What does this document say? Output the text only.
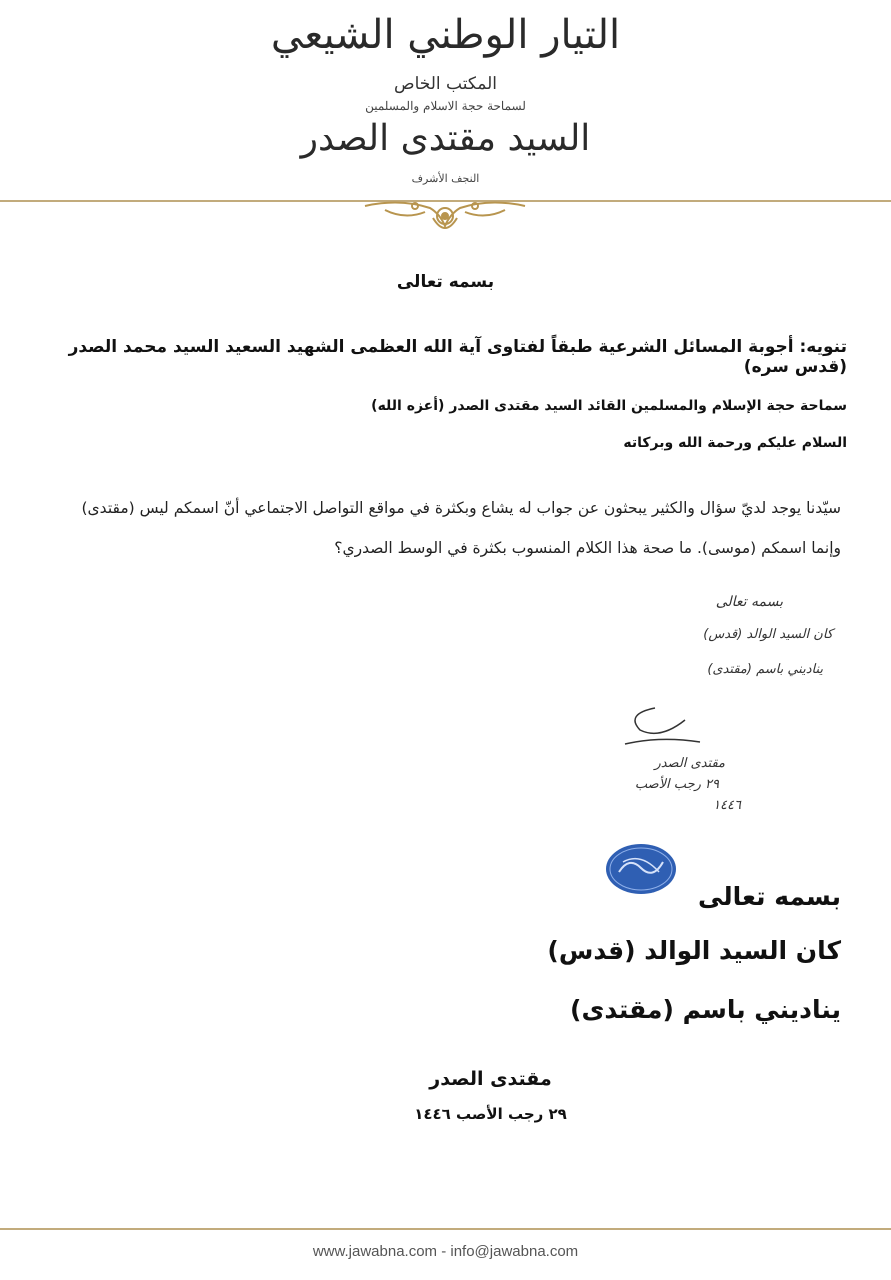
التيار الوطني الشيعي
المكتب الخاص
لسماحة حجة الاسلام والمسلمين
السيد مقتدى الصدر
النجف الأشرف
بسمه تعالى
تنويه: أجوبة المسائل الشرعية طبقاً لفتاوى آية الله العظمى الشهيد السعيد السيد محمد الصدر (قدس سره)
سماحة حجة الإسلام والمسلمين القائد السيد مقتدى الصدر (أعزه الله)
السلام عليكم ورحمة الله وبركاته
سيّدنا يوجد لديّ سؤال والكثير يبحثون عن جواب له يشاع وبكثرة في مواقع التواصل الاجتماعي أنّ اسمكم ليس (مقتدى) وإنما اسمكم (موسى). ما صحة هذا الكلام المنسوب بكثرة في الوسط الصدري؟
بسمه تعالى
كان السيد الوالد (قدس)
يناديني باسم (مقتدى)
مقتدى الصدر
٢٩ رجب الأصب
١٤٤٦
بسمه تعالى
كان السيد الوالد (قدس)
يناديني باسم (مقتدى)
مقتدى الصدر
٢٩ رجب الأصب ١٤٤٦
www.jawabna.com - info@jawabna.com
